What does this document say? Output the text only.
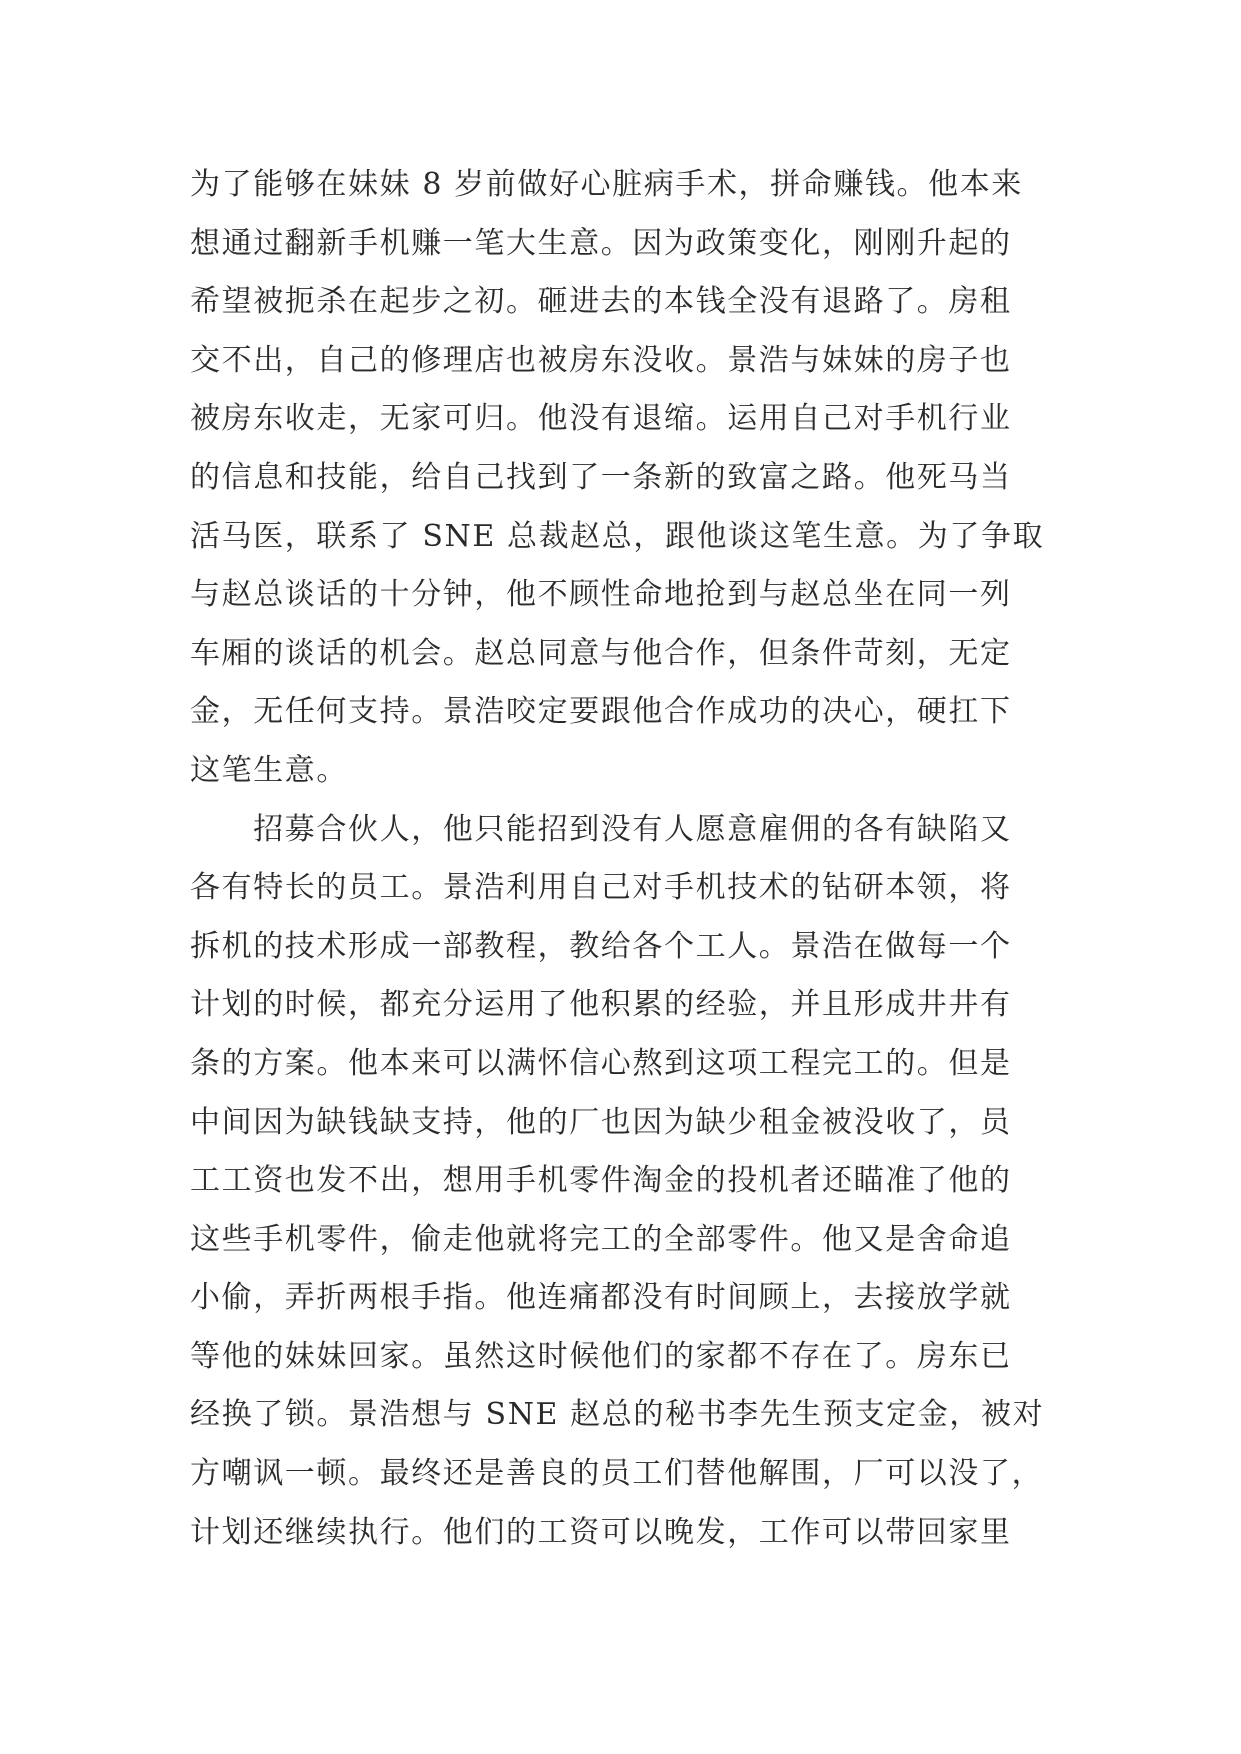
为了能够在妹妹 8 岁前做好心脏病手术，拼命赚钱。他本来
想通过翻新手机赚一笔大生意。因为政策变化，刚刚升起的
希望被扼杀在起步之初。砸进去的本钱全没有退路了。房租
交不出，自己的修理店也被房东没收。景浩与妹妹的房子也
被房东收走，无家可归。他没有退缩。运用自己对手机行业
的信息和技能，给自己找到了一条新的致富之路。他死马当
活马医，联系了 SNE 总裁赵总，跟他谈这笔生意。为了争取
与赵总谈话的十分钟，他不顾性命地抢到与赵总坐在同一列
车厢的谈话的机会。赵总同意与他合作，但条件苛刻，无定
金，无任何支持。景浩咬定要跟他合作成功的决心，硬扛下
这笔生意。
　　招募合伙人，他只能招到没有人愿意雇佣的各有缺陷又
各有特长的员工。景浩利用自己对手机技术的钻研本领，将
拆机的技术形成一部教程，教给各个工人。景浩在做每一个
计划的时候，都充分运用了他积累的经验，并且形成井井有
条的方案。他本来可以满怀信心熬到这项工程完工的。但是
中间因为缺钱缺支持，他的厂也因为缺少租金被没收了，员
工工资也发不出，想用手机零件淘金的投机者还瞄准了他的
这些手机零件，偷走他就将完工的全部零件。他又是舍命追
小偷，弄折两根手指。他连痛都没有时间顾上，去接放学就
等他的妹妹回家。虽然这时候他们的家都不存在了。房东已
经换了锁。景浩想与 SNE 赵总的秘书李先生预支定金，被对
方嘲讽一顿。最终还是善良的员工们替他解围，厂可以没了，
计划还继续执行。他们的工资可以晚发，工作可以带回家里
